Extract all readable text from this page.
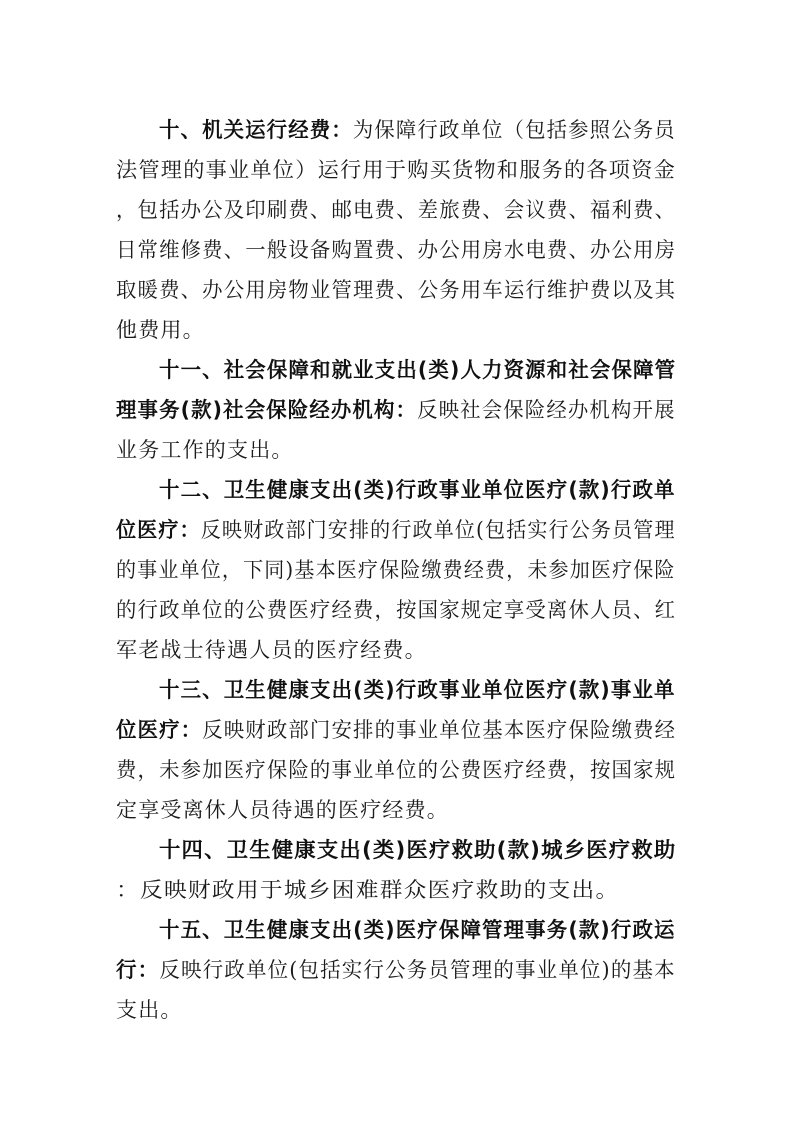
十、机关运行经费：为保障行政单位（包括参照公务员

法管理的事业单位）运行用于购买货物和服务的各项资金

，包括办公及印刷费、邮电费、差旅费、会议费、福利费、

日常维修费、一般设备购置费、办公用房水电费、办公用房

取暖费、办公用房物业管理费、公务用车运行维护费以及其

他费用。

十一、社会保障和就业支出(类)人力资源和社会保障管

理事务(款)社会保险经办机构：反映社会保险经办机构开展

业务工作的支出。

十二、卫生健康支出(类)行政事业单位医疗(款)行政单

位医疗：反映财政部门安排的行政单位(包括实行公务员管理

的事业单位，下同)基本医疗保险缴费经费，未参加医疗保险

的行政单位的公费医疗经费，按国家规定享受离休人员、红

军老战士待遇人员的医疗经费。

十三、卫生健康支出(类)行政事业单位医疗(款)事业单

位医疗：反映财政部门安排的事业单位基本医疗保险缴费经

费，未参加医疗保险的事业单位的公费医疗经费，按国家规

定享受离休人员待遇的医疗经费。

十四、卫生健康支出(类)医疗救助(款)城乡医疗救助

：反映财政用于城乡困难群众医疗救助的支出。

十五、卫生健康支出(类)医疗保障管理事务(款)行政运

行：反映行政单位(包括实行公务员管理的事业单位)的基本

支出。
